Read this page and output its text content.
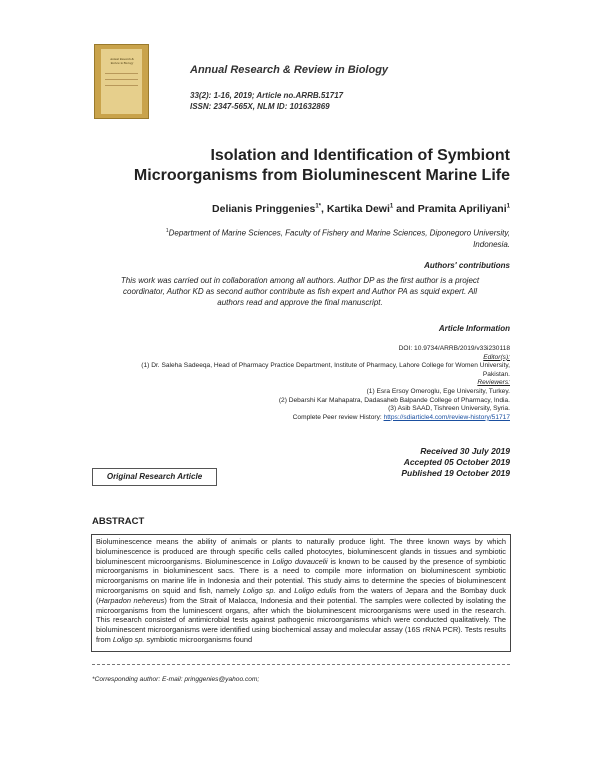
Annual Research &
Review in Biology
Annual Research & Review in Biology
33(2): 1-16, 2019; Article no.ARRB.51717
ISSN: 2347-565X, NLM ID: 101632869
Isolation and Identification of Symbiont
Microorganisms from Bioluminescent Marine Life
Delianis Pringgenies$^{1*}$, Kartika Dewi$^1$ and Pramita Apriliyani$^1$
$^1$Department of Marine Sciences, Faculty of Fishery and Marine Sciences, Diponegoro University,
Indonesia.
Authors' contributions
This work was carried out in collaboration among all authors. Author DP as the first author is a project
coordinator, Author KD as second author contribute as fish expert and Author PA as squid expert. All
authors read and approve the final manuscript.
Article Information
DOI: 10.9734/ARRB/2019/v33i230118
Editor(s):
(1) Dr. Saleha Sadeeqa, Head of Pharmacy Practice Department, Institute of Pharmacy, Lahore College for Women University,
Pakistan.
Reviewers:
(1) Esra Ersoy Omeroglu, Ege University, Turkey.
(2) Debarshi Kar Mahapatra, Dadasaheb Balpande College of Pharmacy, India.
(3) Asib SAAD, Tishreen University, Syria.
Complete Peer review History: https://sdiarticle4.com/review-history/51717
Received 30 July 2019
Accepted 05 October 2019
Published 19 October 2019
Original Research Article
ABSTRACT
Bioluminescence means the ability of animals or plants to naturally produce light. The three known ways by which bioluminescence is produced are through specific cells called photocytes, bioluminescent glands in tissues and symbiotic bioluminescent microorganisms. Bioluminescence in Loligo duvaucelii is known to be caused by the presence of symbiotic microorganisms in bioluminescent sacs. There is a need to compile more information on bioluminescent symbiotic microorganisms on marine life in Indonesia and their potential. This study aims to determine the species of bioluminescent microorganisms on squid and fish, namely Loligo sp. and Loligo edulis from the waters of Jepara and the Bombay duck (Harpadon nehereus) from the Strait of Malacca, Indonesia and their potential. The samples were collected by isolating the microorganisms from the luminescent organs, after which the bioluminescent microorganisms were used in the research. This research consisted of antimicrobial tests against pathogenic microorganisms which were conducted qualitatively. The bioluminescent microorganisms were identified using biochemical assay and molecular assay (16S rRNA PCR). Tests results from Loligo sp. symbiotic microorganisms found
*Corresponding author: E-mail: pringgenies@yahoo.com;
